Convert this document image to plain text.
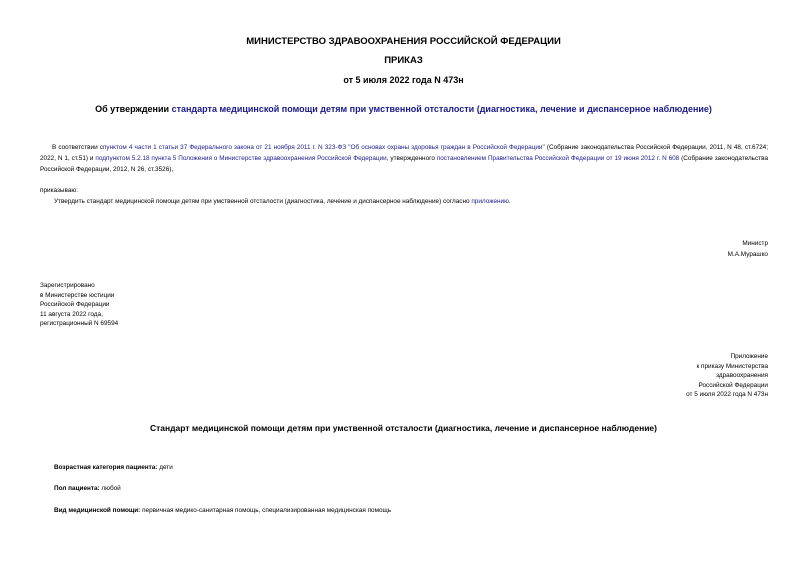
МИНИСТЕРСТВО ЗДРАВООХРАНЕНИЯ РОССИЙСКОЙ ФЕДЕРАЦИИ
ПРИКАЗ
от 5 июля 2022 года N 473н
Об утверждении стандарта медицинской помощи детям при умственной отсталости (диагностика, лечение и диспансерное наблюдение)
В соответствии спунктом 4 части 1 статьи 37 Федерального закона от 21 ноября 2011 г. N 323-ФЗ "Об основах охраны здоровья граждан в Российской Федерации" (Собрание законодательства Российской Федерации, 2011, N 48, ст.6724; 2022, N 1, ст.51) и подпунктом 5.2.18 пункта 5 Положения о Министерстве здравоохранения Российской Федерации, утвержденного постановлением Правительства Российской Федерации от 19 июня 2012 г. N 608 (Собрание законодательства Российской Федерации, 2012, N 26, ст.3526),
приказываю:
Утвердить стандарт медицинской помощи детям при умственной отсталости (диагностика, лечение и диспансерное наблюдение) согласно приложению.
Министр
М.А.Мурашко
Зарегистрировано
в Министерстве юстиции
Российской Федерации
11 августа 2022 года,
регистрационный N 69594
Приложение
к приказу Министерства
здравоохранения
Российской Федерации
от 5 июля 2022 года N 473н
Стандарт медицинской помощи детям при умственной отсталости (диагностика, лечение и диспансерное наблюдение)
Возрастная категория пациента: дети
Пол пациента: любой
Вид медицинской помощи: первичная медико-санитарная помощь, специализированная медицинская помощь
